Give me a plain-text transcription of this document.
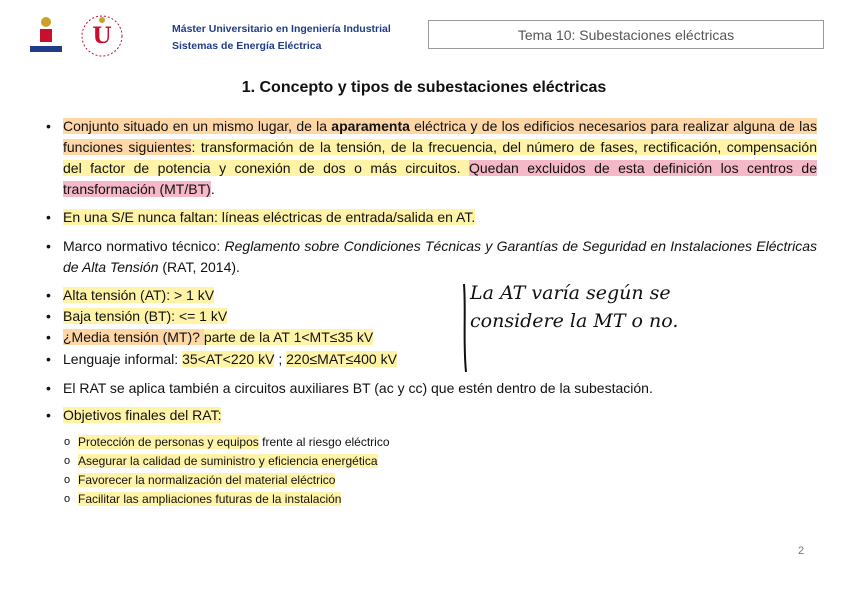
U	Máster Universitario en Ingeniería Industrial
Sistemas de Energía Eléctrica
Tema 10: Subestaciones eléctricas
1. Concepto y tipos de subestaciones eléctricas
• Conjunto situado en un mismo lugar, de la aparamenta eléctrica y de los edificios necesarios para realizar alguna de las funciones siguientes: transformación de la tensión, de la frecuencia, del número de fases, rectificación, compensación del factor de potencia y conexión de dos o más circuitos. Quedan excluidos de esta definición los centros de transformación (MT/BT).
• En una S/E nunca faltan: líneas eléctricas de entrada/salida en AT.
• Marco normativo técnico: Reglamento sobre Condiciones Técnicas y Garantías de Seguridad en Instalaciones Eléctricas de Alta Tensión (RAT, 2014).
• Alta tensión (AT): > 1 kV
• Baja tensión (BT): <= 1 kV
• ¿Media tensión (MT)? parte de la AT 1<MT≤35 kV
• Lenguaje informal: 35<AT<220 kV ; 220≤MAT≤400 kV
La AT varía según se
considere la MT o no.
• El RAT se aplica también a circuitos auxiliares BT (ac y cc) que estén dentro de la subestación.
• Objetivos finales del RAT:
o Protección de personas y equipos frente al riesgo eléctrico
o Asegurar la calidad de suministro y eficiencia energética
o Favorecer la normalización del material eléctrico
o Facilitar las ampliaciones futuras de la instalación
2
